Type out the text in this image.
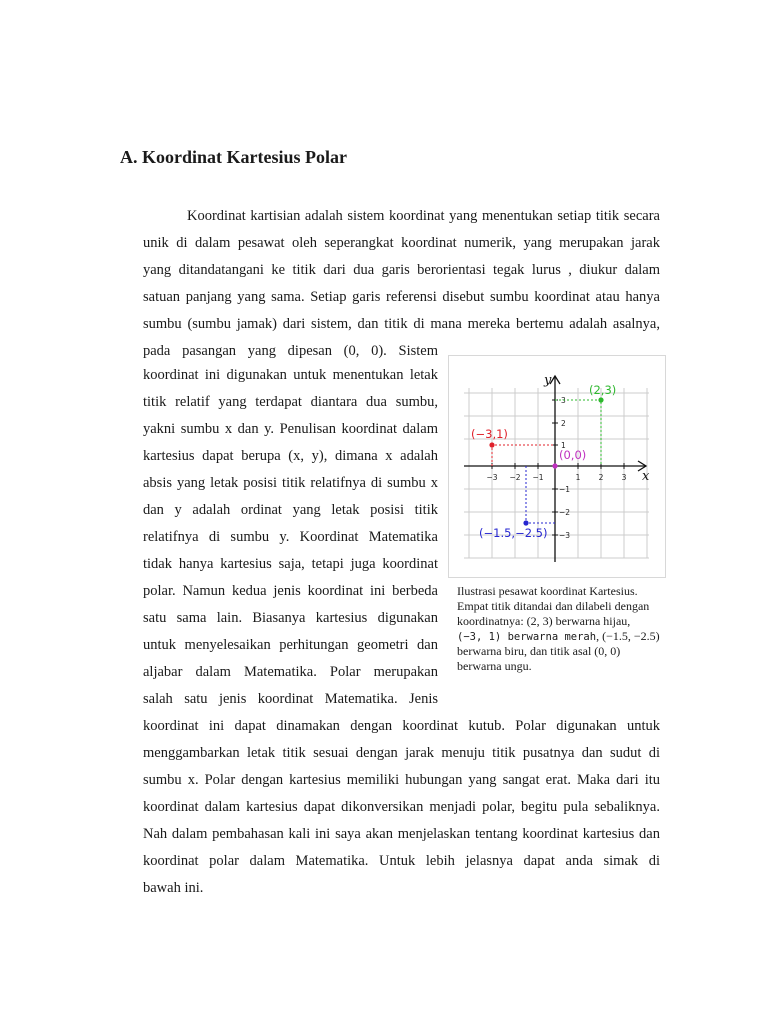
A. Koordinat Kartesius Polar

Koordinat kartisian adalah sistem koordinat yang menentukan setiap titik secara

unik di dalam pesawat oleh seperangkat koordinat numerik, yang merupakan jarak

yang ditandatangani ke titik dari dua garis berorientasi tegak lurus , diukur dalam

satuan panjang yang sama. Setiap garis referensi disebut sumbu koordinat atau hanya

sumbu (sumbu jamak) dari sistem, dan titik di mana mereka bertemu adalah asalnya,

pada pasangan yang dipesan (0, 0). Sistem

koordinat ini digunakan untuk menentukan letak

titik relatif yang terdapat diantara dua sumbu,

yakni sumbu x dan y. Penulisan koordinat dalam

kartesius dapat berupa (x, y), dimana x adalah

absis yang letak posisi titik relatifnya di sumbu x

dan y adalah ordinat yang letak posisi titik

relatifnya di sumbu y. Koordinat Matematika

tidak hanya kartesius saja, tetapi juga koordinat

polar. Namun kedua jenis koordinat ini berbeda

satu sama lain. Biasanya kartesius digunakan

untuk menyelesaikan perhitungan geometri dan

aljabar dalam Matematika. Polar merupakan

salah satu jenis koordinat Matematika. Jenis

koordinat ini dapat dinamakan dengan koordinat kutub. Polar digunakan untuk

menggambarkan letak titik sesuai dengan jarak menuju titik pusatnya dan sudut di

sumbu x. Polar dengan kartesius memiliki hubungan yang sangat erat. Maka dari itu

koordinat dalam kartesius dapat dikonversikan menjadi polar, begitu pula sebaliknya.

Nah dalam pembahasan kali ini saya akan menjelaskan tentang koordinat kartesius dan

koordinat polar dalam Matematika. Untuk lebih jelasnya dapat anda simak di

bawah ini.

−3 −2 −1	1 2 3
3
2
1
−1
−2
−3
y
x
(2,3)
(−3,1)
(0,0)
(−1.5,−2.5)

Ilustrasi pesawat koordinat Kartesius.

Empat titik ditandai dan dilabeli dengan

koordinatnya: (2, 3) berwarna hijau,

(−3, 1) berwarna merah, (−1.5, −2.5)

berwarna biru, dan titik asal (0, 0)

berwarna ungu.
